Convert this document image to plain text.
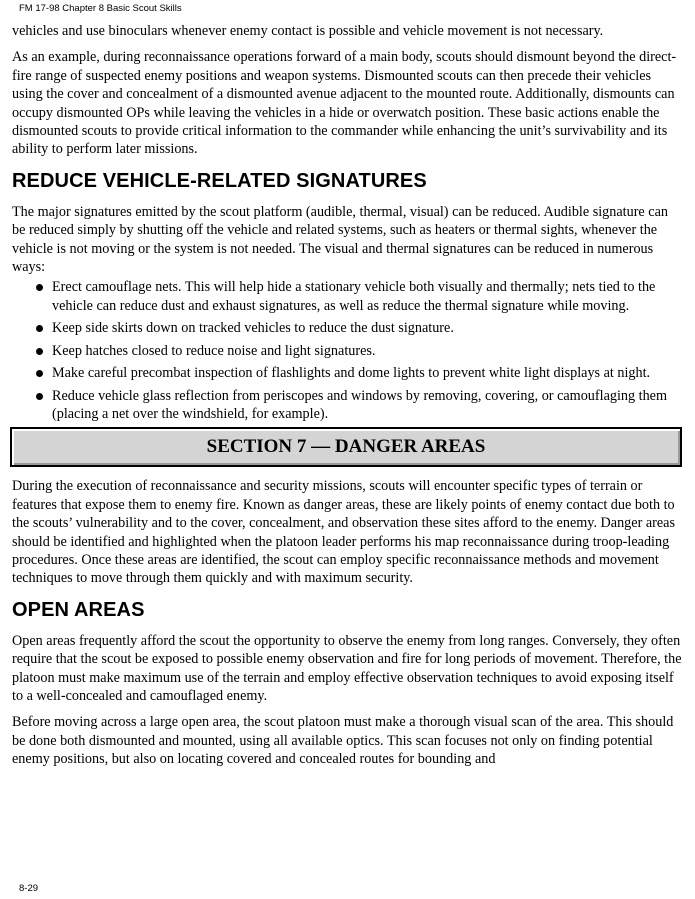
FM 17-98 Chapter 8 Basic Scout Skills

vehicles and use binoculars whenever enemy contact is possible and vehicle movement is not necessary.

As an example, during reconnaissance operations forward of a main body, scouts should dismount beyond the direct-fire range of suspected enemy positions and weapon systems. Dismounted scouts can then precede their vehicles using the cover and concealment of a dismounted avenue adjacent to the mounted route. Additionally, dismounts can occupy dismounted OPs while leaving the vehicles in a hide or overwatch position. These basic actions enable the dismounted scouts to provide critical information to the commander while enhancing the unit’s survivability and its ability to perform later missions.

REDUCE VEHICLE-RELATED SIGNATURES

The major signatures emitted by the scout platform (audible, thermal, visual) can be reduced. Audible signature can be reduced simply by shutting off the vehicle and related systems, such as heaters or thermal sights, whenever the vehicle is not moving or the system is not needed. The visual and thermal signatures can be reduced in numerous ways:

Erect camouflage nets. This will help hide a stationary vehicle both visually and thermally; nets tied to the vehicle can reduce dust and exhaust signatures, as well as reduce the thermal signature while moving.
Keep side skirts down on tracked vehicles to reduce the dust signature.
Keep hatches closed to reduce noise and light signatures.
Make careful precombat inspection of flashlights and dome lights to prevent white light displays at night.
Reduce vehicle glass reflection from periscopes and windows by removing, covering, or camouflaging them (placing a net over the windshield, for example).
SECTION 7 — DANGER AREAS

During the execution of reconnaissance and security missions, scouts will encounter specific types of terrain or features that expose them to enemy fire. Known as danger areas, these are likely points of enemy contact due both to the scouts’ vulnerability and to the cover, concealment, and observation these sites afford to the enemy. Danger areas should be identified and highlighted when the platoon leader performs his map reconnaissance during troop-leading procedures. Once these areas are identified, the scout can employ specific reconnaissance methods and movement techniques to move through them quickly and with maximum security.

OPEN AREAS

Open areas frequently afford the scout the opportunity to observe the enemy from long ranges. Conversely, they often require that the scout be exposed to possible enemy observation and fire for long periods of movement. Therefore, the platoon must make maximum use of the terrain and employ effective observation techniques to avoid exposing itself to a well-concealed and camouflaged enemy.

Before moving across a large open area, the scout platoon must make a thorough visual scan of the area. This should be done both dismounted and mounted, using all available optics. This scan focuses not only on finding potential enemy positions, but also on locating covered and concealed routes for bounding and

8-29
